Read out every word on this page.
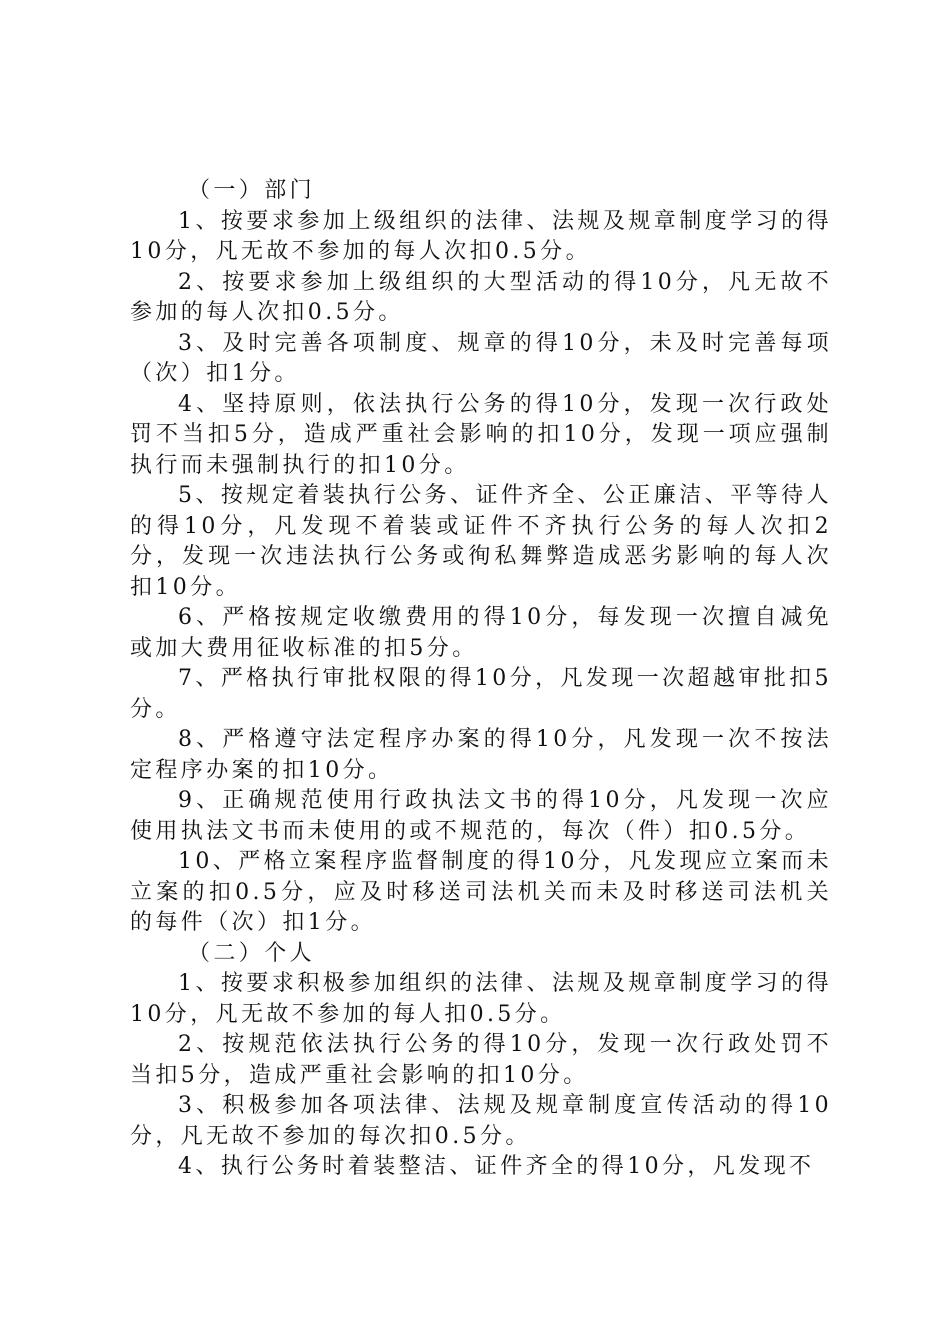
（一）部门

1、按要求参加上级组织的法律、法规及规章制度学习的得10分，凡无故不参加的每人次扣0.5分。

2、按要求参加上级组织的大型活动的得10分，凡无故不参加的每人次扣0.5分。

3、及时完善各项制度、规章的得10分，未及时完善每项（次）扣1分。

4、坚持原则，依法执行公务的得10分，发现一次行政处罚不当扣5分，造成严重社会影响的扣10分，发现一项应强制执行而未强制执行的扣10分。

5、按规定着装执行公务、证件齐全、公正廉洁、平等待人的得10分，凡发现不着装或证件不齐执行公务的每人次扣2分，发现一次违法执行公务或徇私舞弊造成恶劣影响的每人次扣10分。

6、严格按规定收缴费用的得10分，每发现一次擅自减免或加大费用征收标准的扣5分。

7、严格执行审批权限的得10分，凡发现一次超越审批扣5分。

8、严格遵守法定程序办案的得10分，凡发现一次不按法定程序办案的扣10分。

9、正确规范使用行政执法文书的得10分，凡发现一次应使用执法文书而未使用的或不规范的，每次（件）扣0.5分。

10、严格立案程序监督制度的得10分，凡发现应立案而未立案的扣0.5分，应及时移送司法机关而未及时移送司法机关的每件（次）扣1分。

（二）个人

1、按要求积极参加组织的法律、法规及规章制度学习的得10分，凡无故不参加的每人扣0.5分。

2、按规范依法执行公务的得10分，发现一次行政处罚不当扣5分，造成严重社会影响的扣10分。

3、积极参加各项法律、法规及规章制度宣传活动的得10分，凡无故不参加的每次扣0.5分。

4、执行公务时着装整洁、证件齐全的得10分，凡发现不
